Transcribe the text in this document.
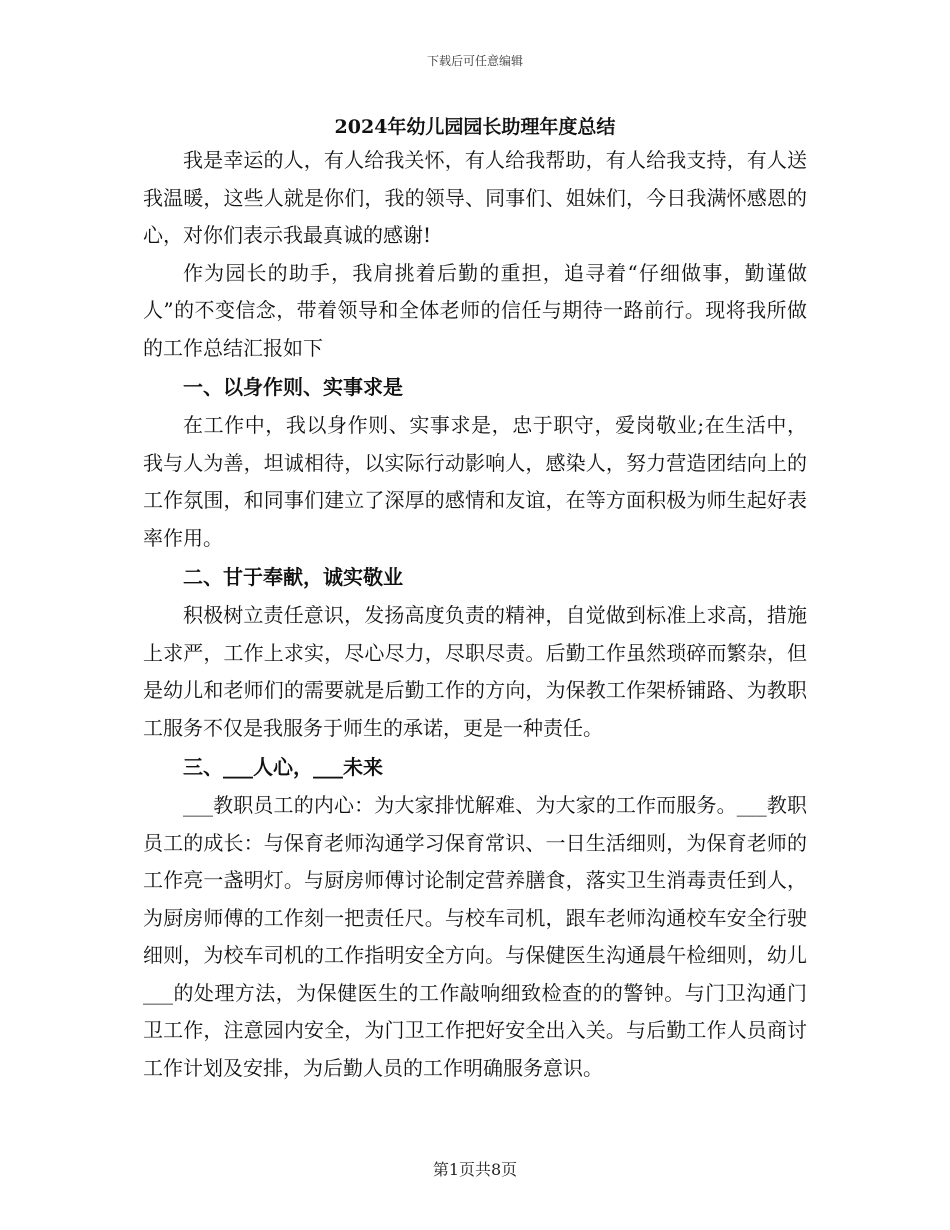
下载后可任意编辑
2024年幼儿园园长助理年度总结

我是幸运的人，有人给我关怀，有人给我帮助，有人给我支持，有人送我温暖，这些人就是你们，我的领导、同事们、姐妹们，今日我满怀感恩的心，对你们表示我最真诚的感谢!

作为园长的助手，我肩挑着后勤的重担，追寻着“仔细做事，勤谨做人”的不变信念，带着领导和全体老师的信任与期待一路前行。现将我所做的工作总结汇报如下

一、以身作则、实事求是

在工作中，我以身作则、实事求是，忠于职守，爱岗敬业;在生活中，我与人为善，坦诚相待，以实际行动影响人，感染人，努力营造团结向上的工作氛围，和同事们建立了深厚的感情和友谊，在等方面积极为师生起好表率作用。

二、甘于奉献，诚实敬业

积极树立责任意识，发扬高度负责的精神，自觉做到标准上求高，措施上求严，工作上求实，尽心尽力，尽职尽责。后勤工作虽然琐碎而繁杂，但是幼儿和老师们的需要就是后勤工作的方向，为保教工作架桥铺路、为教职工服务不仅是我服务于师生的承诺，更是一种责任。

三、___人心，___未来

___教职员工的内心：为大家排忧解难、为大家的工作而服务。___教职员工的成长：与保育老师沟通学习保育常识、一日生活细则，为保育老师的工作亮一盏明灯。与厨房师傅讨论制定营养膳食，落实卫生消毒责任到人，为厨房师傅的工作刻一把责任尺。与校车司机，跟车老师沟通校车安全行驶细则，为校车司机的工作指明安全方向。与保健医生沟通晨午检细则，幼儿___的处理方法，为保健医生的工作敲响细致检查的的警钟。与门卫沟通门卫工作，注意园内安全，为门卫工作把好安全出入关。与后勤工作人员商讨工作计划及安排，为后勤人员的工作明确服务意识。

第1页共8页
